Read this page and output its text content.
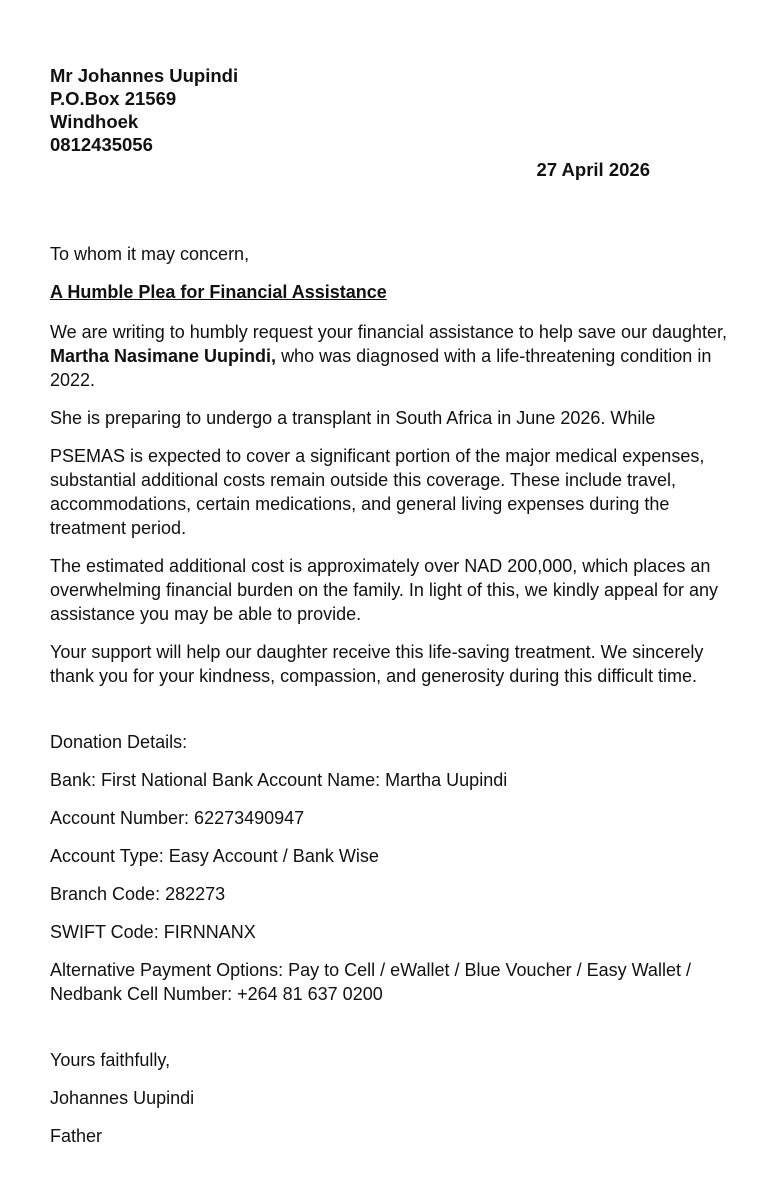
Mr Johannes Uupindi
P.O.Box 21569
Windhoek
0812435056
27 April 2026
To whom it may concern,
A Humble Plea for Financial Assistance

We are writing to humbly request your financial assistance to help save our daughter, Martha Nasimane Uupindi, who was diagnosed with a life-threatening condition in 2022.

She is preparing to undergo a transplant in South Africa in June 2026. While

PSEMAS is expected to cover a significant portion of the major medical expenses, substantial additional costs remain outside this coverage. These include travel, accommodations, certain medications, and general living expenses during the treatment period.

The estimated additional cost is approximately over NAD 200,000, which places an overwhelming financial burden on the family. In light of this, we kindly appeal for any assistance you may be able to provide.

Your support will help our daughter receive this life-saving treatment. We sincerely thank you for your kindness, compassion, and generosity during this difficult time.

Donation Details:
Bank: First National Bank Account Name: Martha Uupindi
Account Number: 62273490947
Account Type: Easy Account / Bank Wise
Branch Code: 282273
SWIFT Code: FIRNNANX
Alternative Payment Options: Pay to Cell / eWallet / Blue Voucher / Easy Wallet / Nedbank Cell Number: +264 81 637 0200
Yours faithfully,
Johannes Uupindi
Father
